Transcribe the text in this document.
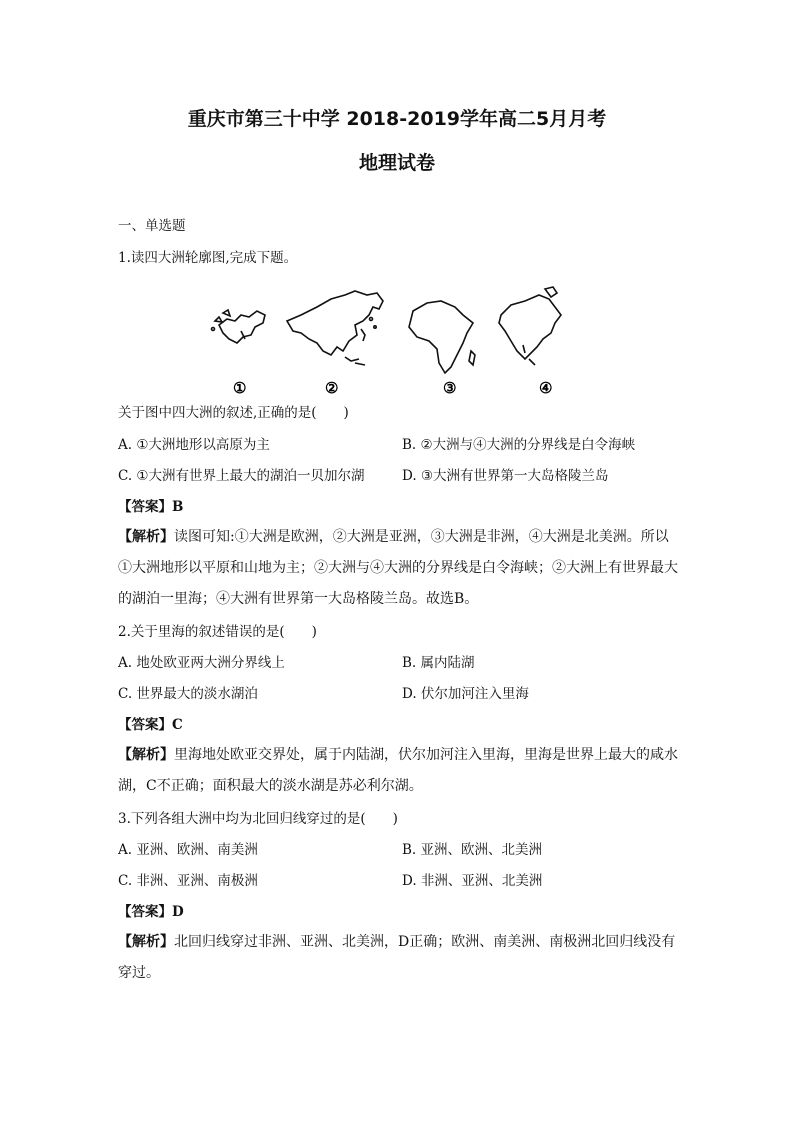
重庆市第三十中学 2018-2019学年高二5月月考
地理试卷
一、单选题
1.读四大洲轮廓图,完成下题。
①	②	③	④
关于图中四大洲的叙述,正确的是(　　)
A. ①大洲地形以高原为主	B. ②大洲与④大洲的分界线是白令海峡
C. ①大洲有世界上最大的湖泊一贝加尔湖	D. ③大洲有世界第一大岛格陵兰岛
【答案】B
【解析】读图可知:①大洲是欧洲，②大洲是亚洲，③大洲是非洲，④大洲是北美洲。所以①大洲地形以平原和山地为主；②大洲与④大洲的分界线是白令海峡；②大洲上有世界最大的湖泊一里海；④大洲有世界第一大岛格陵兰岛。故选B。
2.关于里海的叙述错误的是(　　)
A. 地处欧亚两大洲分界线上	B. 属内陆湖
C. 世界最大的淡水湖泊	D. 伏尔加河注入里海
【答案】C
【解析】里海地处欧亚交界处，属于内陆湖，伏尔加河注入里海，里海是世界上最大的咸水湖，C不正确；面积最大的淡水湖是苏必利尔湖。
3.下列各组大洲中均为北回归线穿过的是(　　)
A. 亚洲、欧洲、南美洲	B. 亚洲、欧洲、北美洲
C. 非洲、亚洲、南极洲	D. 非洲、亚洲、北美洲
【答案】D
【解析】北回归线穿过非洲、亚洲、北美洲，D正确；欧洲、南美洲、南极洲北回归线没有穿过。
